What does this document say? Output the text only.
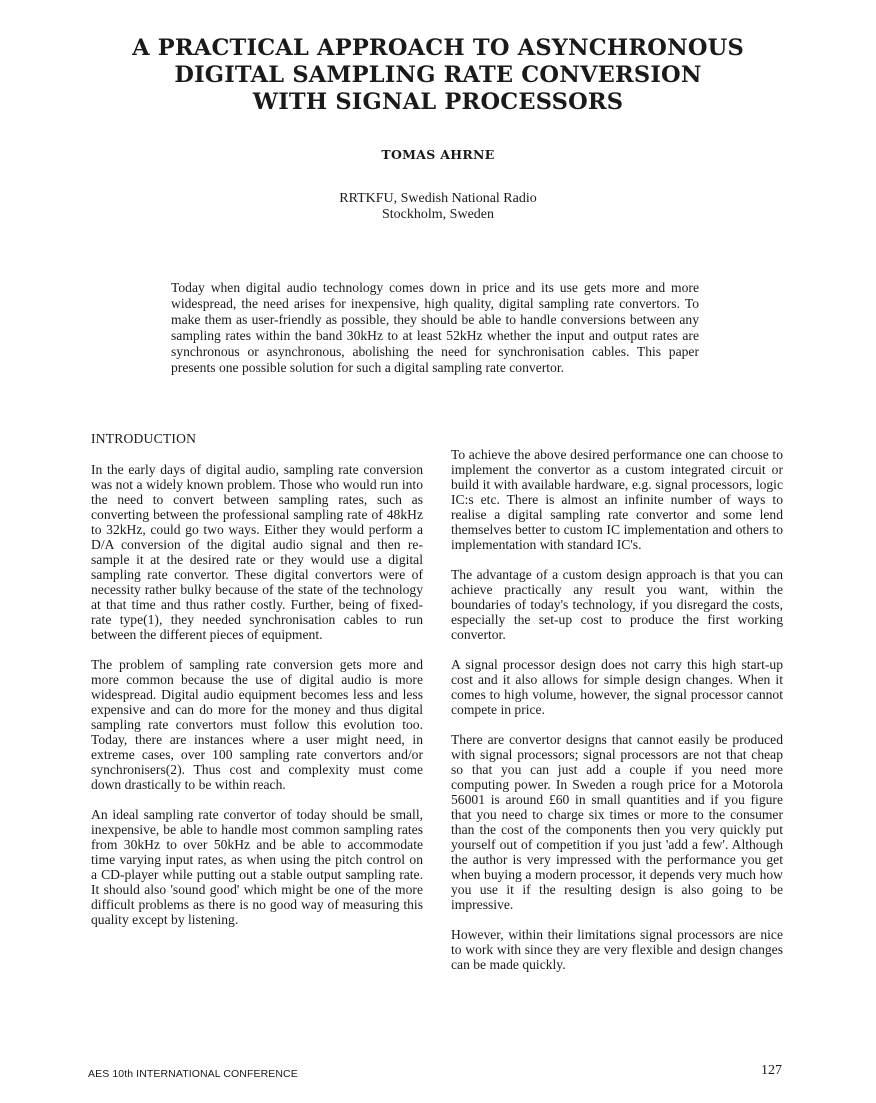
A PRACTICAL APPROACH TO ASYNCHRONOUS
DIGITAL SAMPLING RATE CONVERSION
WITH SIGNAL PROCESSORS
TOMAS AHRNE
RRTKFU, Swedish National Radio
Stockholm, Sweden
Today when digital audio technology comes down in price and its use gets more and more widespread, the need arises for inexpensive, high quality, digital sampling rate convertors. To make them as user-friendly as possible, they should be able to handle conversions between any sampling rates within the band 30kHz to at least 52kHz whether the input and output rates are synchronous or asynchronous, abolishing the need for synchronisation cables. This paper presents one possible solution for such a digital sampling rate convertor.
INTRODUCTION

In the early days of digital audio, sampling rate conversion was not a widely known problem. Those who would run into the need to convert between sampling rates, such as converting between the professional sampling rate of 48kHz to 32kHz, could go two ways. Either they would perform a D/A conversion of the digital audio signal and then re-sample it at the desired rate or they would use a digital sampling rate convertor. These digital convertors were of necessity rather bulky because of the state of the technology at that time and thus rather costly. Further, being of fixed-rate type(1), they needed synchronisation cables to run between the different pieces of equipment.

The problem of sampling rate conversion gets more and more common because the use of digital audio is more widespread. Digital audio equipment becomes less and less expensive and can do more for the money and thus digital sampling rate convertors must follow this evolution too. Today, there are instances where a user might need, in extreme cases, over 100 sampling rate convertors and/or synchronisers(2). Thus cost and complexity must come down drastically to be within reach.

An ideal sampling rate convertor of today should be small, inexpensive, be able to handle most common sampling rates from 30kHz to over 50kHz and be able to accommodate time varying input rates, as when using the pitch control on a CD-player while putting out a stable output sampling rate. It should also 'sound good' which might be one of the more difficult problems as there is no good way of measuring this quality except by listening.

To achieve the above desired performance one can choose to implement the convertor as a custom integrated circuit or build it with available hardware, e.g. signal processors, logic IC:s etc. There is almost an infinite number of ways to realise a digital sampling rate convertor and some lend themselves better to custom IC implementation and others to implementation with standard IC's.

The advantage of a custom design approach is that you can achieve practically any result you want, within the boundaries of today's technology, if you disregard the costs, especially the set-up cost to produce the first working convertor.

A signal processor design does not carry this high start-up cost and it also allows for simple design changes. When it comes to high volume, however, the signal processor cannot compete in price.

There are convertor designs that cannot easily be produced with signal processors; signal processors are not that cheap so that you can just add a couple if you need more computing power. In Sweden a rough price for a Motorola 56001 is around £60 in small quantities and if you figure that you need to charge six times or more to the consumer than the cost of the components then you very quickly put yourself out of competition if you just 'add a few'. Although the author is very impressed with the performance you get when buying a modern processor, it depends very much how you use it if the resulting design is also going to be impressive.

However, within their limitations signal processors are nice to work with since they are very flexible and design changes can be made quickly.

AES 10th INTERNATIONAL CONFERENCE	127
